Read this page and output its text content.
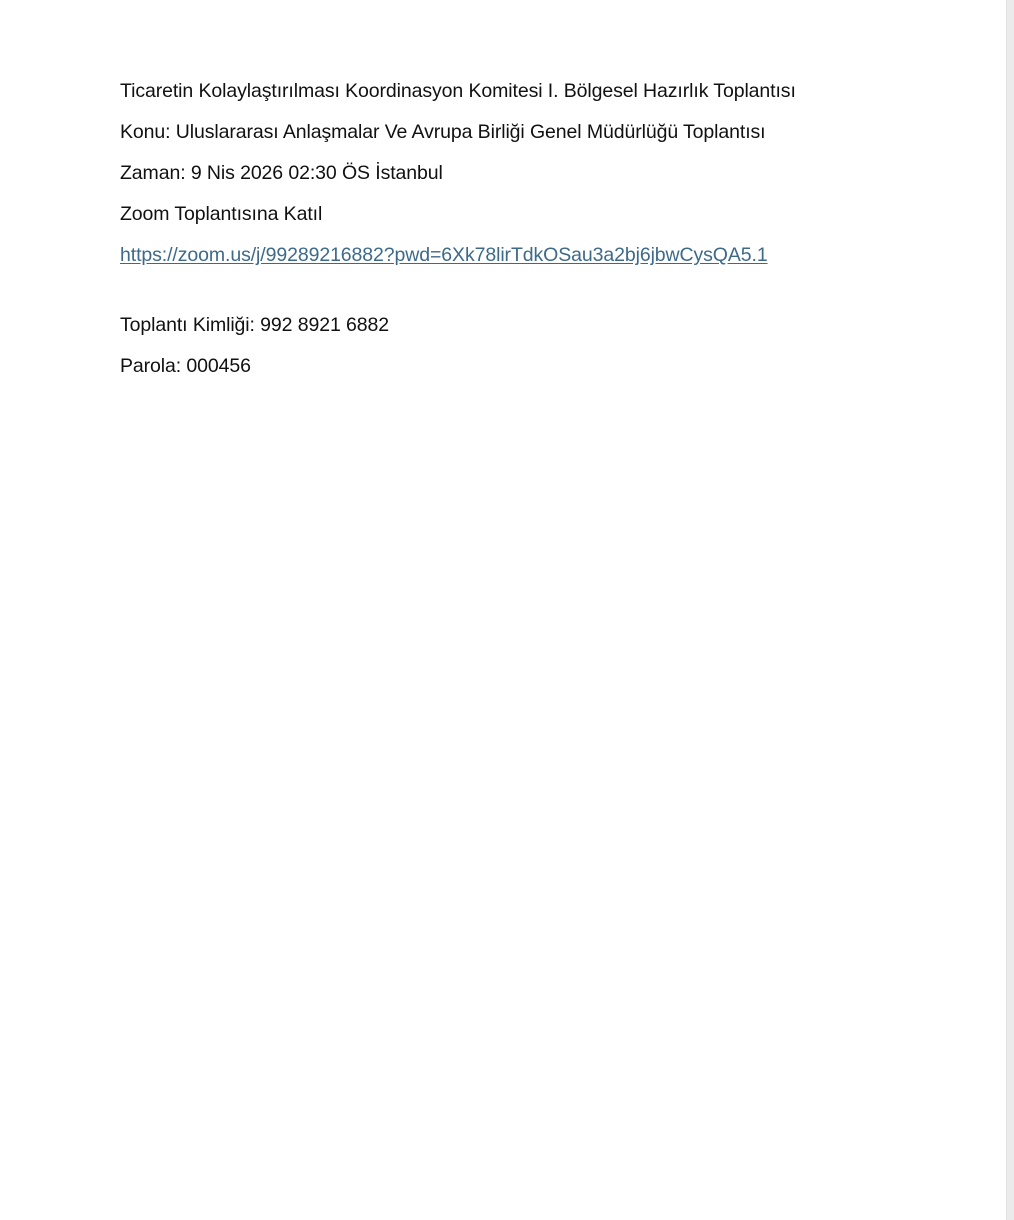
Ticaretin Kolaylaştırılması Koordinasyon Komitesi I. Bölgesel Hazırlık Toplantısı
Konu: Uluslararası Anlaşmalar Ve Avrupa Birliği Genel Müdürlüğü Toplantısı
Zaman: 9 Nis 2026 02:30 ÖS İstanbul
Zoom Toplantısına Katıl
https://zoom.us/j/99289216882?pwd=6Xk78lirTdkOSau3a2bj6jbwCysQA5.1
Toplantı Kimliği: 992 8921 6882
Parola: 000456
